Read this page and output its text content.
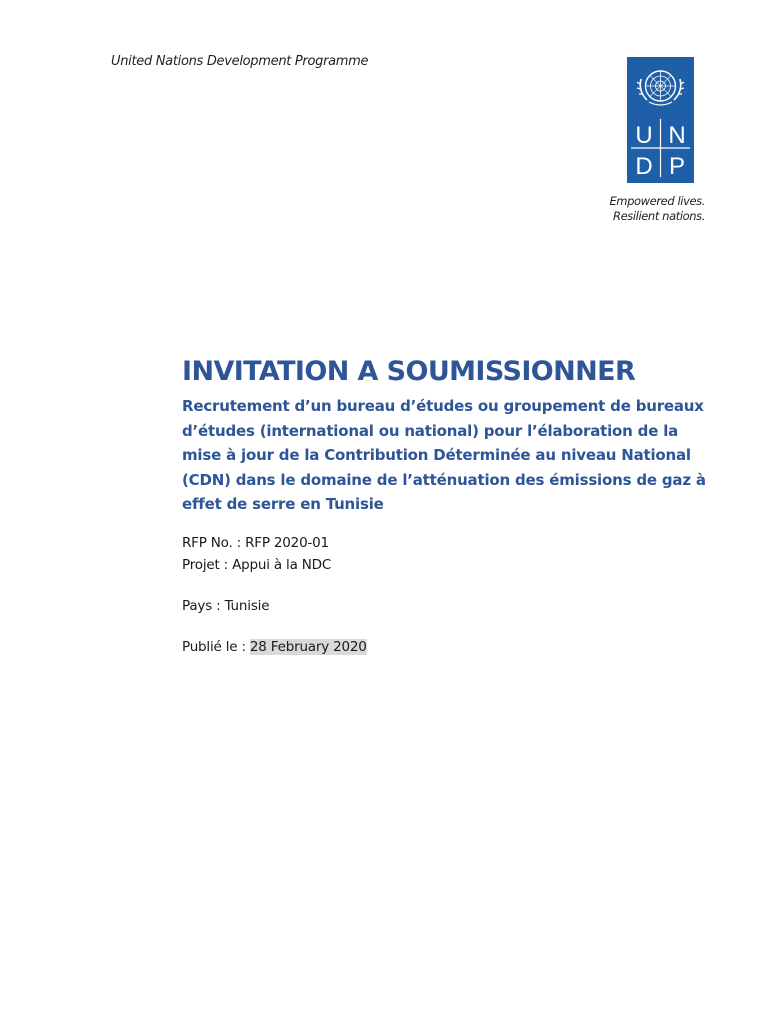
United Nations Development Programme
U N
D P
Empowered lives.
Resilient nations.
INVITATION A SOUMISSIONNER

Recrutement d’un bureau d’études ou groupement de bureaux d’études (international ou national) pour l’élaboration de la mise à jour de la Contribution Déterminée au niveau National (CDN) dans le domaine de l’atténuation des émissions de gaz à effet de serre en Tunisie

RFP No. : RFP 2020-01
Projet : Appui à la NDC
Pays : Tunisie
Publié le : 28 February 2020
